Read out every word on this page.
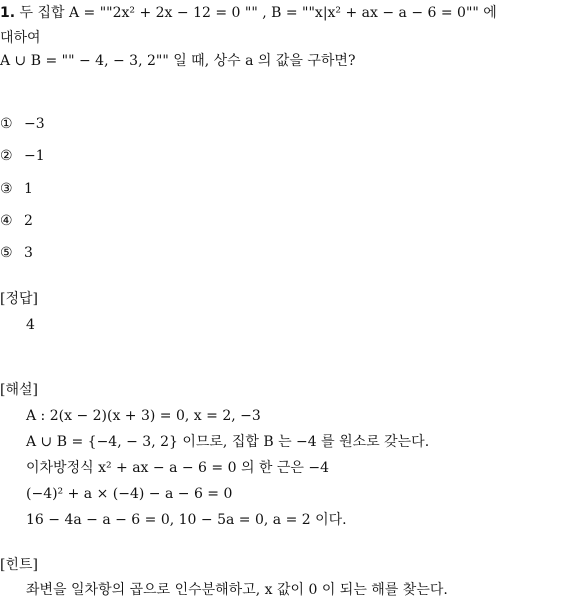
1. 두 집합 A = ""2x² + 2x − 12 = 0 "" , B = ""x|x² + ax − a − 6 = 0"" 에
대하여
A ∪ B = "" − 4, − 3, 2"" 일 때, 상수 a 의 값을 구하면?
① −3
② −1
③ 1
④ 2
⑤ 3
[정답]
4
[해설]
A : 2(x − 2)(x + 3) = 0, x = 2, −3
A ∪ B = {−4, − 3, 2} 이므로, 집합 B 는 −4 를 원소로 갖는다.
이차방정식 x² + ax − a − 6 = 0 의 한 근은 −4
(−4)² + a × (−4) − a − 6 = 0
16 − 4a − a − 6 = 0, 10 − 5a = 0, a = 2 이다.
[힌트]
좌변을 일차항의 곱으로 인수분해하고, x 값이 0 이 되는 해를 찾는다.
